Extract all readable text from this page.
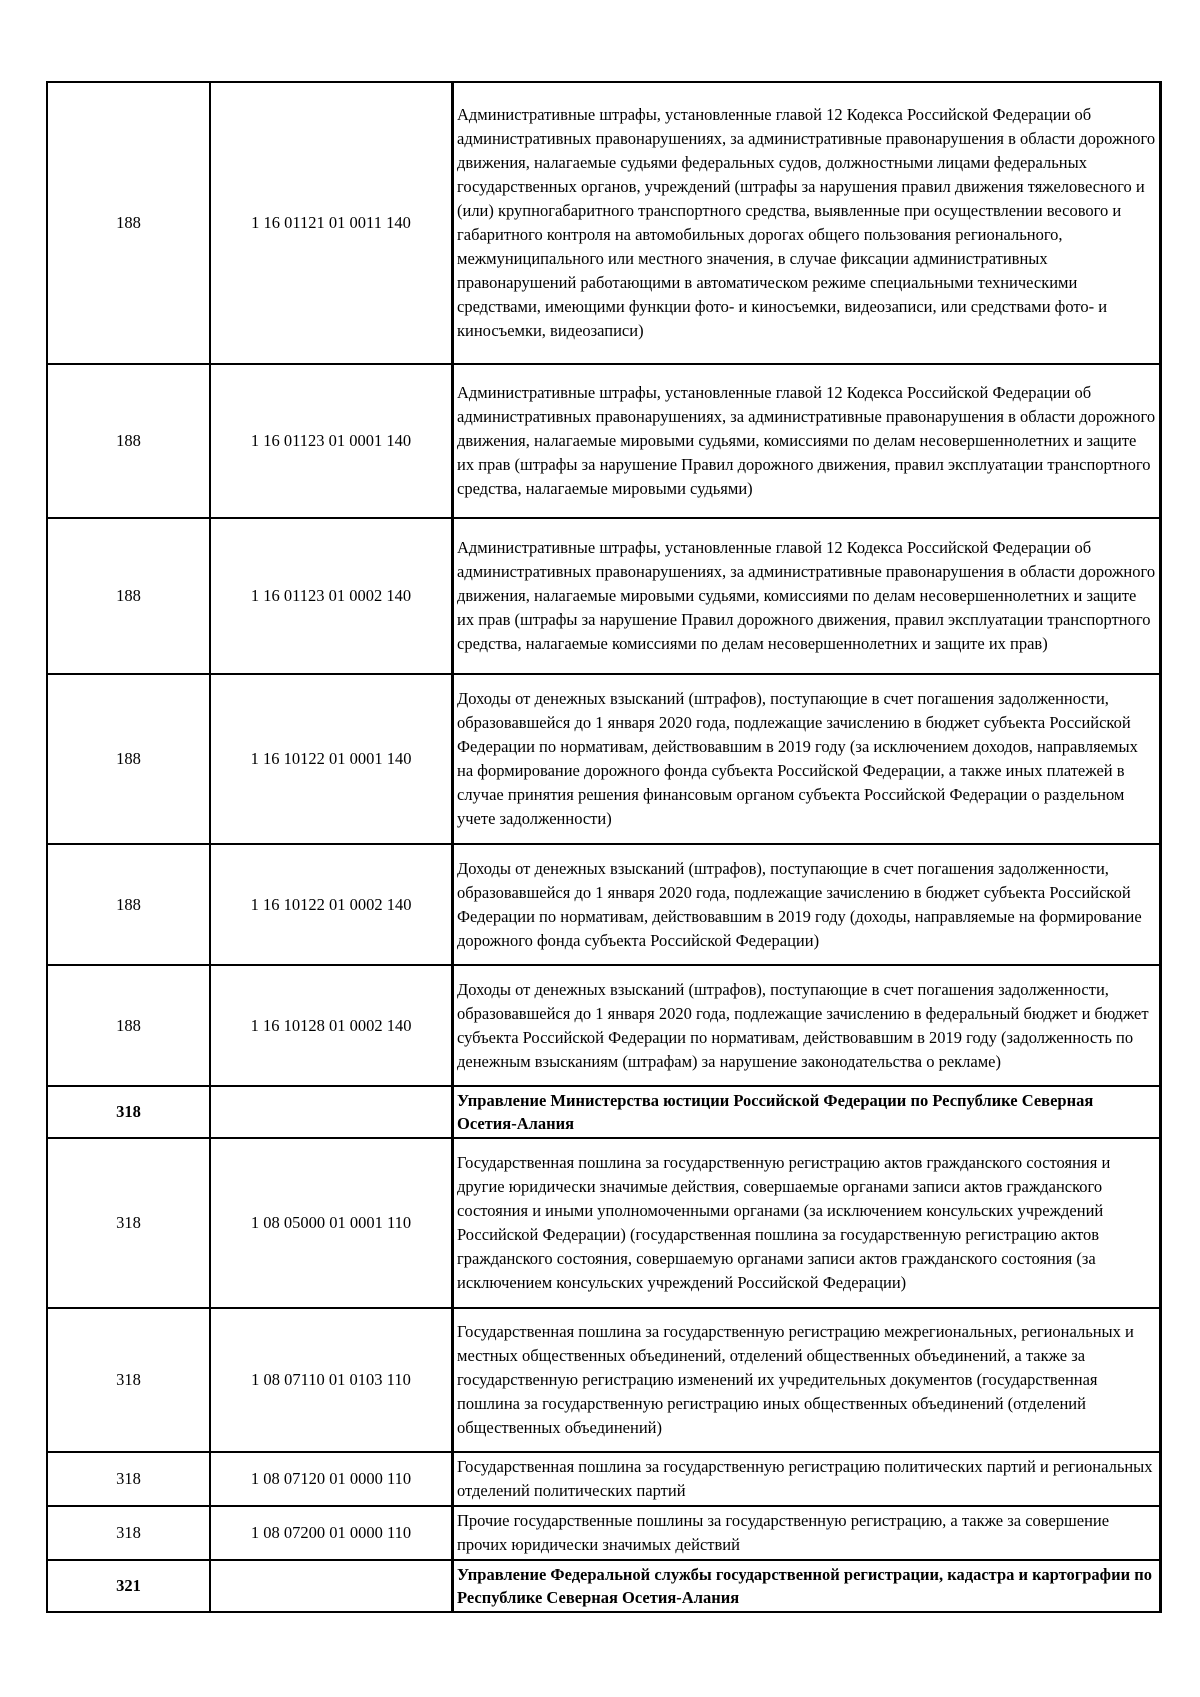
188	1 16 01121 01 0011 140	Административные штрафы, установленные главой 12 Кодекса Российской Федерации об административных правонарушениях, за административные правонарушения в области дорожного движения, налагаемые судьями федеральных судов, должностными лицами федеральных государственных органов, учреждений (штрафы за нарушения правил движения тяжеловесного и (или) крупногабаритного транспортного средства, выявленные при осуществлении весового и габаритного контроля на автомобильных дорогах общего пользования регионального, межмуниципального или местного значения, в случае фиксации административных правонарушений работающими в автоматическом режиме специальными техническими средствами, имеющими функции фото- и киносъемки, видеозаписи, или средствами фото- и киносъемки, видеозаписи)
188	1 16 01123 01 0001 140	Административные штрафы, установленные главой 12 Кодекса Российской Федерации об административных правонарушениях, за административные правонарушения в области дорожного движения, налагаемые мировыми судьями, комиссиями по делам несовершеннолетних и защите их прав (штрафы за нарушение Правил дорожного движения, правил эксплуатации транспортного средства, налагаемые мировыми судьями)
188	1 16 01123 01 0002 140	Административные штрафы, установленные главой 12 Кодекса Российской Федерации об административных правонарушениях, за административные правонарушения в области дорожного движения, налагаемые мировыми судьями, комиссиями по делам несовершеннолетних и защите их прав (штрафы за нарушение Правил дорожного движения, правил эксплуатации транспортного средства, налагаемые комиссиями по делам несовершеннолетних и защите их прав)
188	1 16 10122 01 0001 140	Доходы от денежных взысканий (штрафов), поступающие в счет погашения задолженности, образовавшейся до 1 января 2020 года, подлежащие зачислению в бюджет субъекта Российской Федерации по нормативам, действовавшим в 2019 году (за исключением доходов, направляемых на формирование дорожного фонда субъекта Российской Федерации, а также иных платежей в случае принятия решения финансовым органом субъекта Российской Федерации о раздельном учете задолженности)
188	1 16 10122 01 0002 140	Доходы от денежных взысканий (штрафов), поступающие в счет погашения задолженности, образовавшейся до 1 января 2020 года, подлежащие зачислению в бюджет субъекта Российской Федерации по нормативам, действовавшим в 2019 году (доходы, направляемые на формирование дорожного фонда субъекта Российской Федерации)
188	1 16 10128 01 0002 140	Доходы от денежных взысканий (штрафов), поступающие в счет погашения задолженности, образовавшейся до 1 января 2020 года, подлежащие зачислению в федеральный бюджет и бюджет субъекта Российской Федерации по нормативам, действовавшим в 2019 году (задолженность по денежным взысканиям (штрафам) за нарушение законодательства о рекламе)
318		Управление Министерства юстиции Российской Федерации по Республике Северная Осетия-Алания
318	1 08 05000 01 0001 110	Государственная пошлина за государственную регистрацию актов гражданского состояния и другие юридически значимые действия, совершаемые органами записи актов гражданского состояния и иными уполномоченными органами (за исключением консульских учреждений Российской Федерации) (государственная пошлина за государственную регистрацию актов гражданского состояния, совершаемую органами записи актов гражданского состояния (за исключением консульских учреждений Российской Федерации)
318	1 08 07110 01 0103 110	Государственная пошлина за государственную регистрацию межрегиональных, региональных и местных общественных объединений, отделений общественных объединений, а также за государственную регистрацию изменений их учредительных документов (государственная пошлина за государственную регистрацию иных общественных объединений (отделений общественных объединений)
318	1 08 07120 01 0000 110	Государственная пошлина за государственную регистрацию политических партий и региональных отделений политических партий
318	1 08 07200 01 0000 110	Прочие государственные пошлины за государственную регистрацию, а также за совершение прочих юридически значимых действий
321		Управление Федеральной службы государственной регистрации, кадастра и картографии по Республике Северная Осетия-Алания
